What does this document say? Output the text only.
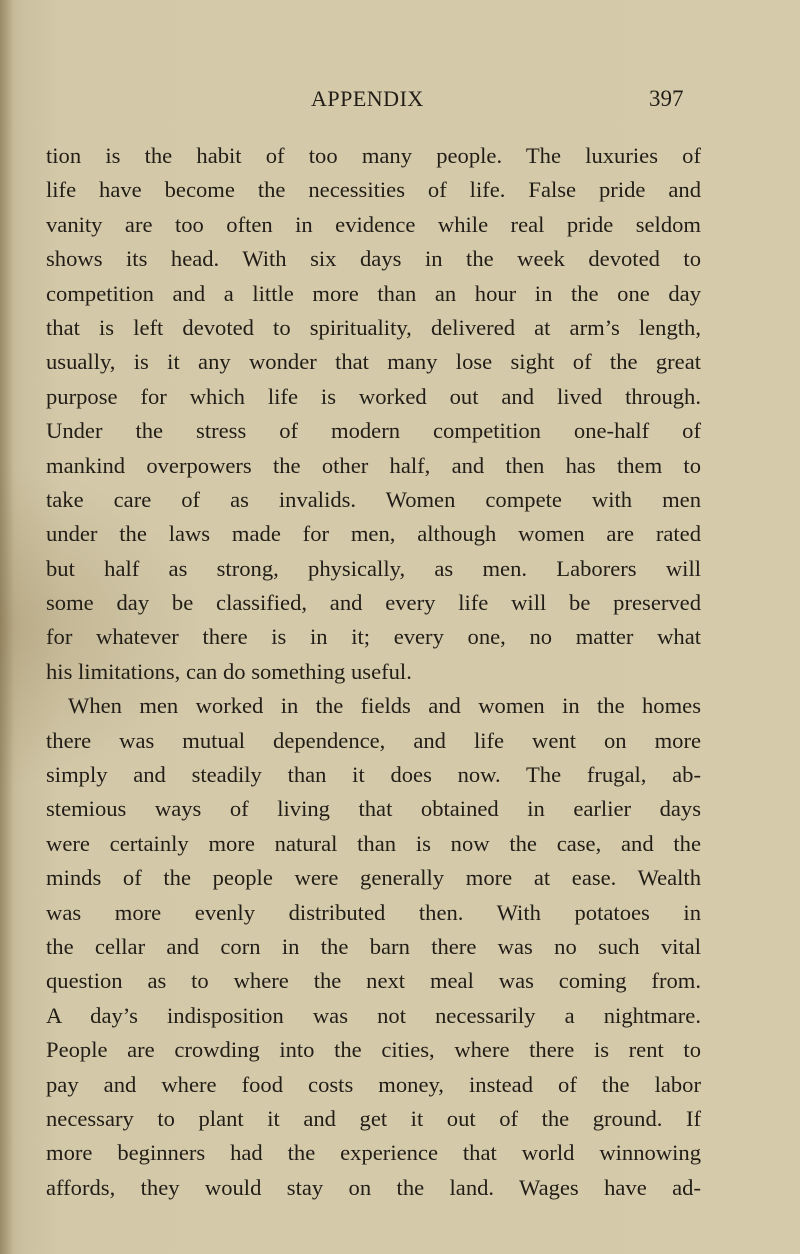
APPENDIX	397
tion is the habit of too many people. The luxuries of
life have become the necessities of life. False pride and
vanity are too often in evidence while real pride seldom
shows its head. With six days in the week devoted to
competition and a little more than an hour in the one day
that is left devoted to spirituality, delivered at arm’s length,
usually, is it any wonder that many lose sight of the great
purpose for which life is worked out and lived through.
Under the stress of modern competition one-half of
mankind overpowers the other half, and then has them to
take care of as invalids. Women compete with men
under the laws made for men, although women are rated
but half as strong, physically, as men. Laborers will
some day be classified, and every life will be preserved
for whatever there is in it; every one, no matter what
his limitations, can do something useful.
When men worked in the fields and women in the homes
there was mutual dependence, and life went on more
simply and steadily than it does now. The frugal, ab-
stemious ways of living that obtained in earlier days
were certainly more natural than is now the case, and the
minds of the people were generally more at ease. Wealth
was more evenly distributed then. With potatoes in
the cellar and corn in the barn there was no such vital
question as to where the next meal was coming from.
A day’s indisposition was not necessarily a nightmare.
People are crowding into the cities, where there is rent to
pay and where food costs money, instead of the labor
necessary to plant it and get it out of the ground. If
more beginners had the experience that world winnowing
affords, they would stay on the land. Wages have ad-
